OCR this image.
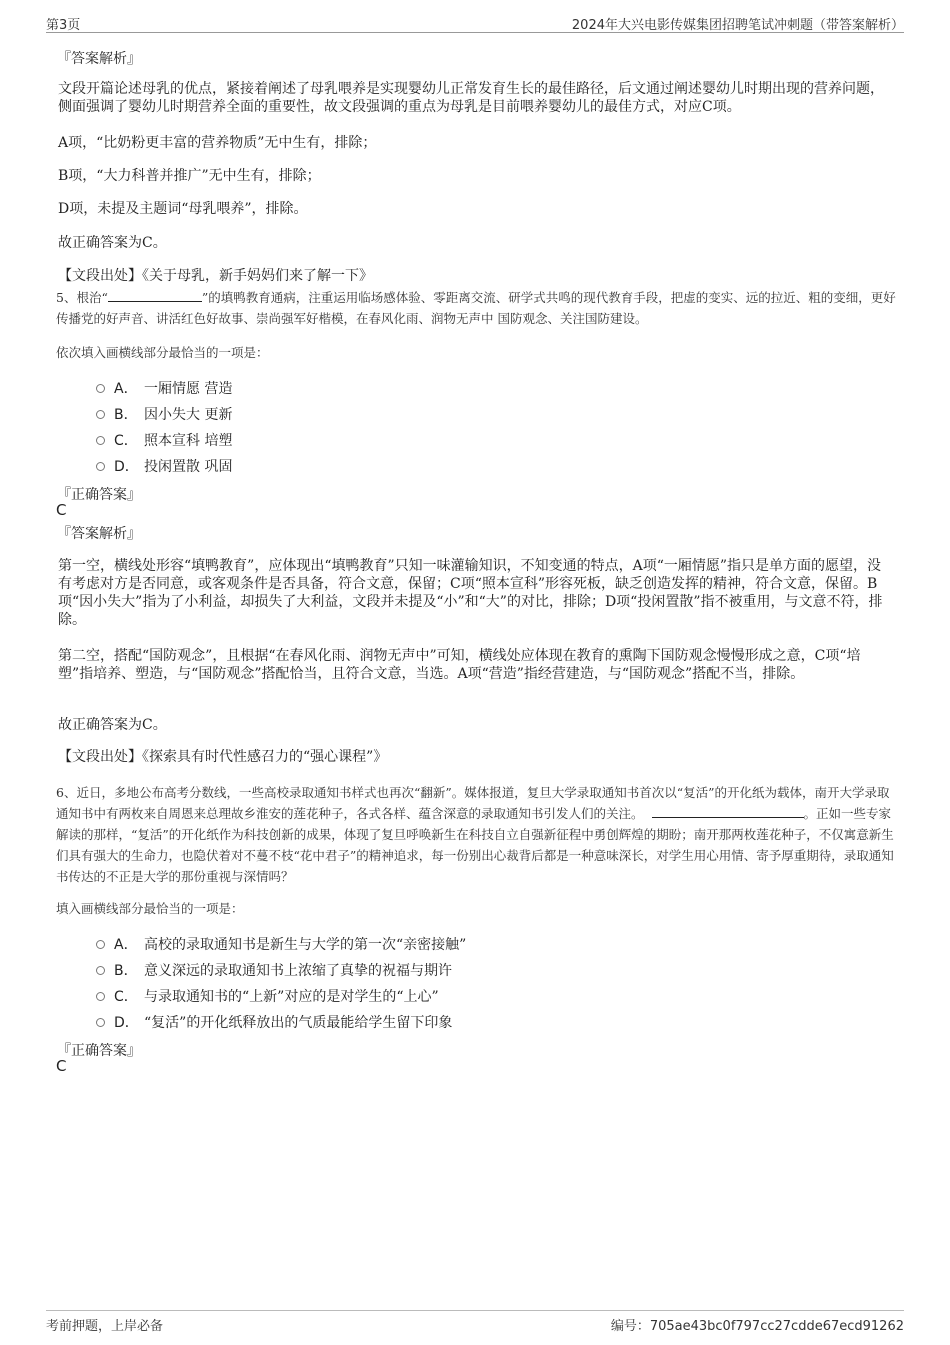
第3页	2024年大兴电影传媒集团招聘笔试冲刺题（带答案解析）
『答案解析』
文段开篇论述母乳的优点，紧接着阐述了母乳喂养是实现婴幼儿正常发育生长的最佳路径，后文通过阐述婴幼儿时期出现的营养问题，侧面强调了婴幼儿时期营养全面的重要性，故文段强调的重点为母乳是目前喂养婴幼儿的最佳方式，对应C项。
A项，“比奶粉更丰富的营养物质”无中生有，排除；
B项，“大力科普并推广”无中生有，排除；
D项，未提及主题词“母乳喂养”，排除。
故正确答案为C。
【文段出处】《关于母乳，新手妈妈们来了解一下》
5、根治“	”的填鸭教育通病，注重运用临场感体验、零距离交流、研学式共鸣的现代教育手段，把虚的变实、远的拉近、粗的变细，更好传播党的好声音、讲活红色好故事、崇尚强军好楷模，在春风化雨、润物无声中 国防观念、关注国防建设。
依次填入画横线部分最恰当的一项是：
A． 一厢情愿 营造
B． 因小失大 更新
C． 照本宣科 培塑
D． 投闲置散 巩固
『正确答案』
C
『答案解析』
第一空，横线处形容“填鸭教育”，应体现出“填鸭教育”只知一味灌输知识，不知变通的特点，A项“一厢情愿”指只是单方面的愿望，没有考虑对方是否同意，或客观条件是否具备，符合文意，保留；C项“照本宣科”形容死板，缺乏创造发挥的精神，符合文意，保留。B项“因小失大”指为了小利益，却损失了大利益，文段并未提及“小”和“大”的对比，排除；D项“投闲置散”指不被重用，与文意不符，排除。
第二空，搭配“国防观念”，且根据“在春风化雨、润物无声中”可知，横线处应体现在教育的熏陶下国防观念慢慢形成之意，C项“培塑”指培养、塑造，与“国防观念”搭配恰当，且符合文意，当选。A项“营造”指经营建造，与“国防观念”搭配不当，排除。
故正确答案为C。
【文段出处】《探索具有时代性感召力的“强心课程”》
6、近日，多地公布高考分数线，一些高校录取通知书样式也再次“翻新”。媒体报道，复旦大学录取通知书首次以“复活”的开化纸为载体，南开大学录取通知书中有两枚来自周恩来总理故乡淮安的莲花种子，各式各样、蕴含深意的录取通知书引发人们的关注。	。正如一些专家解读的那样，“复活”的开化纸作为科技创新的成果，体现了复旦呼唤新生在科技自立自强新征程中勇创辉煌的期盼；南开那两枚莲花种子，不仅寓意新生们具有强大的生命力，也隐伏着对不蔓不枝“花中君子”的精神追求，每一份别出心裁背后都是一种意味深长，对学生用心用情、寄予厚重期待，录取通知书传达的不正是大学的那份重视与深情吗？
填入画横线部分最恰当的一项是：
A． 高校的录取通知书是新生与大学的第一次“亲密接触”
B． 意义深远的录取通知书上浓缩了真挚的祝福与期许
C． 与录取通知书的“上新”对应的是对学生的“上心”
D． “复活”的开化纸释放出的气质最能给学生留下印象
『正确答案』
C
考前押题，上岸必备	编号：705ae43bc0f797cc27cdde67ecd91262
